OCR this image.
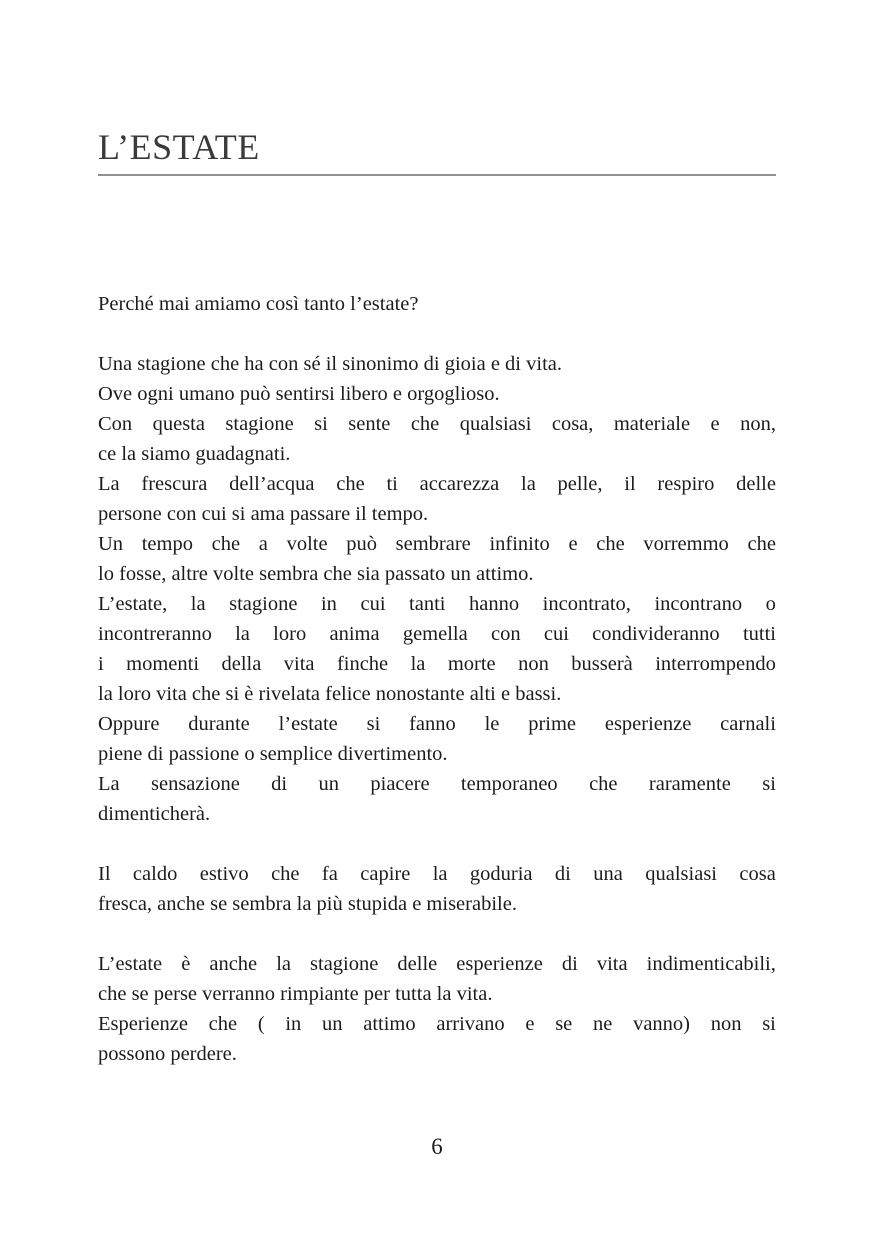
L’ESTATE
Perché mai amiamo così tanto l’estate?
Una stagione che ha con sé il sinonimo di gioia e di vita.
Ove ogni umano può sentirsi libero e orgoglioso.
Con questa stagione si sente che qualsiasi cosa, materiale e non,
ce la siamo guadagnati.
La frescura dell’acqua che ti accarezza la pelle, il respiro delle
persone con cui si ama passare il tempo.
Un tempo che a volte può sembrare infinito e che vorremmo che
lo fosse, altre volte sembra che sia passato un attimo.
L’estate, la stagione in cui tanti hanno incontrato, incontrano o
incontreranno la loro anima gemella con cui condivideranno tutti
i momenti della vita finche la morte non busserà interrompendo
la loro vita che si è rivelata felice nonostante alti e bassi.
Oppure durante l’estate si fanno le prime esperienze carnali
piene di passione o semplice divertimento.
La sensazione di un piacere temporaneo che raramente si
dimenticherà.
Il caldo estivo che fa capire la goduria di una qualsiasi cosa
fresca, anche se sembra la più stupida e miserabile.
L’estate è anche la stagione delle esperienze di vita indimenticabili,
che se perse verranno rimpiante per tutta la vita.
Esperienze che ( in un attimo arrivano e se ne vanno) non si
possono perdere.
6
